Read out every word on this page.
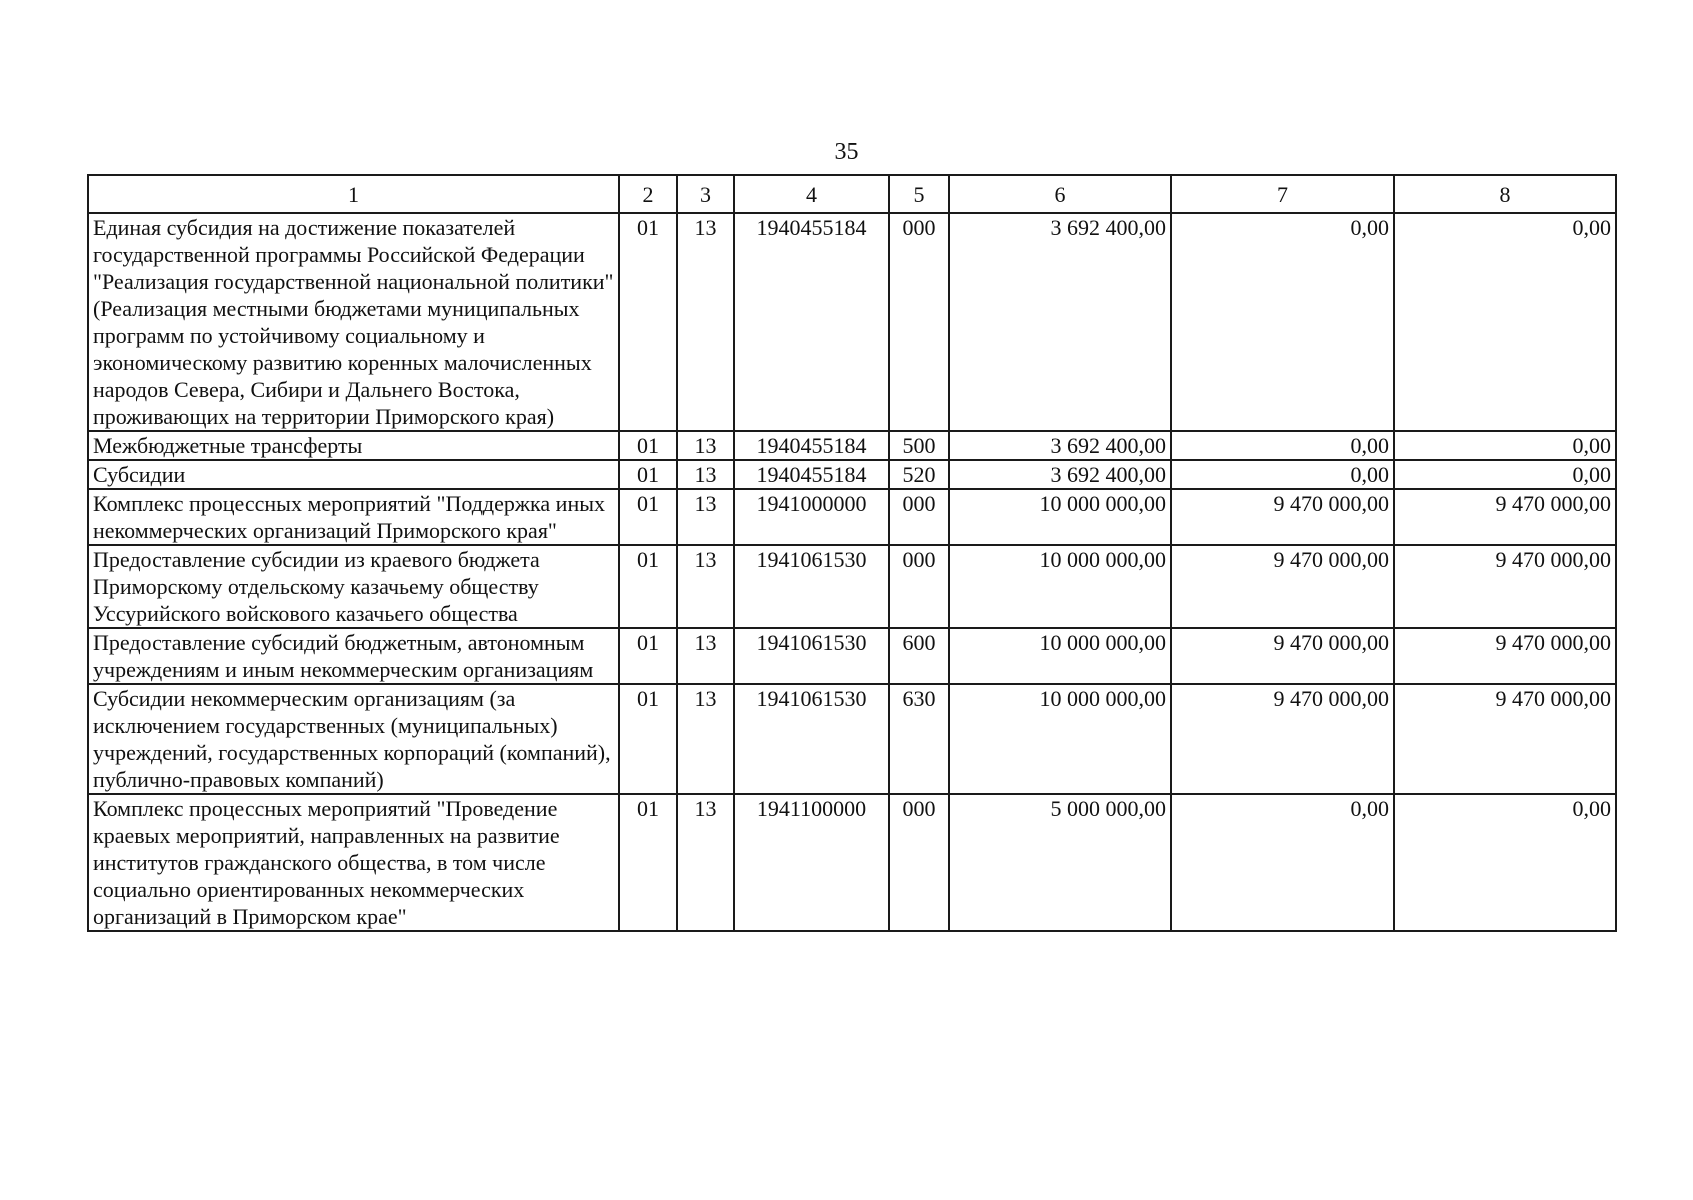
35
1	2	3	4	5	6	7	8
Единая субсидия на достижение показателей государственной программы Российской Федерации "Реализация государственной национальной политики" (Реализация местными бюджетами муниципальных программ по устойчивому социальному и экономическому развитию коренных малочисленных народов Севера, Сибири и Дальнего Востока, проживающих на территории Приморского края)	01	13	1940455184	000	3 692 400,00	0,00	0,00
Межбюджетные трансферты	01	13	1940455184	500	3 692 400,00	0,00	0,00
Субсидии	01	13	1940455184	520	3 692 400,00	0,00	0,00
Комплекс процессных мероприятий "Поддержка иных некоммерческих организаций Приморского края"	01	13	1941000000	000	10 000 000,00	9 470 000,00	9 470 000,00
Предоставление субсидии из краевого бюджета Приморскому отдельскому казачьему обществу Уссурийского войскового казачьего общества	01	13	1941061530	000	10 000 000,00	9 470 000,00	9 470 000,00
Предоставление субсидий бюджетным, автономным учреждениям и иным некоммерческим организациям	01	13	1941061530	600	10 000 000,00	9 470 000,00	9 470 000,00
Субсидии некоммерческим организациям (за исключением государственных (муниципальных) учреждений, государственных корпораций (компаний), публично-правовых компаний)	01	13	1941061530	630	10 000 000,00	9 470 000,00	9 470 000,00
Комплекс процессных мероприятий "Проведение краевых мероприятий, направленных на развитие институтов гражданского общества, в том числе социально ориентированных некоммерческих организаций в Приморском крае"	01	13	1941100000	000	5 000 000,00	0,00	0,00
